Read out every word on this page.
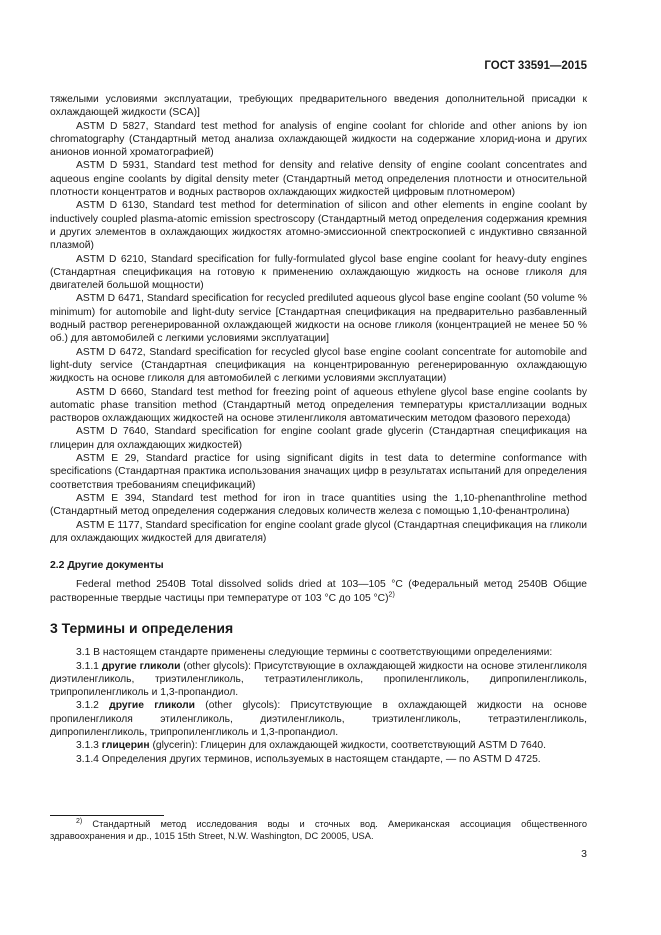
ГОСТ 33591—2015

тяжелыми условиями эксплуатации, требующих предварительного введения дополнительной присадки к охлаждающей жидкости (SCA)]

ASTM D 5827, Standard test method for analysis of engine coolant for chloride and other anions by ion chromatography (Стандартный метод анализа охлаждающей жидкости на содержание хлорид-иона и других анионов ионной хроматографией)

ASTM D 5931, Standard test method for density and relative density of engine coolant concentrates and aqueous engine coolants by digital density meter (Стандартный метод определения плотности и относительной плотности концентратов и водных растворов охлаждающих жидкостей цифровым плотномером)

ASTM D 6130, Standard test method for determination of silicon and other elements in engine coolant by inductively coupled plasma-atomic emission spectroscopy (Стандартный метод определения содержания кремния и других элементов в охлаждающих жидкостях атомно-эмиссионной спектроскопией с индуктивно связанной плазмой)

ASTM D 6210, Standard specification for fully-formulated glycol base engine coolant for heavy-duty engines (Стандартная спецификация на готовую к применению охлаждающую жидкость на основе гликоля для двигателей большой мощности)

ASTM D 6471, Standard specification for recycled prediluted aqueous glycol base engine coolant (50 volume % minimum) for automobile and light-duty service [Стандартная спецификация на предварительно разбавленный водный раствор регенерированной охлаждающей жидкости на основе гликоля (концентрацией не менее 50 % об.) для автомобилей с легкими условиями эксплуатации]

ASTM D 6472, Standard specification for recycled glycol base engine coolant concentrate for automobile and light-duty service (Стандартная спецификация на концентрированную регенерированную охлаждающую жидкость на основе гликоля для автомобилей с легкими условиями эксплуатации)

ASTM D 6660, Standard test method for freezing point of aqueous ethylene glycol base engine coolants by automatic phase transition method (Стандартный метод определения температуры кристаллизации водных растворов охлаждающих жидкостей на основе этиленгликоля автоматическим методом фазового перехода)

ASTM D 7640, Standard specification for engine coolant grade glycerin (Стандартная спецификация на глицерин для охлаждающих жидкостей)

ASTM E 29, Standard practice for using significant digits in test data to determine conformance with specifications (Стандартная практика использования значащих цифр в результатах испытаний для определения соответствия требованиям спецификаций)

ASTM E 394, Standard test method for iron in trace quantities using the 1,10-phenanthroline method (Стандартный метод определения содержания следовых количеств железа с помощью 1,10-фенантролина)

ASTM E 1177, Standard specification for engine coolant grade glycol (Стандартная спецификация на гликоли для охлаждающих жидкостей для двигателя)

2.2 Другие документы

Federal method 2540B Total dissolved solids dried at 103—105 °C (Федеральный метод 2540B Общие растворенные твердые частицы при температуре от 103 °C до 105 °C)$^{2)}$

3 Термины и определения

3.1 В настоящем стандарте применены следующие термины с соответствующими определениями:

3.1.1 другие гликоли (other glycols): Присутствующие в охлаждающей жидкости на основе этиленгликоля диэтиленгликоль, триэтиленгликоль, тетраэтиленгликоль, пропиленгликоль, дипропиленгликоль, трипропиленгликоль и 1,3-пропандиол.

3.1.2 другие гликоли (other glycols): Присутствующие в охлаждающей жидкости на основе пропиленгликоля этиленгликоль, диэтиленгликоль, триэтиленгликоль, тетраэтиленгликоль, дипропиленгликоль, трипропиленгликоль и 1,3-пропандиол.

3.1.3 глицерин (glycerin): Глицерин для охлаждающей жидкости, соответствующий ASTM D 7640.

3.1.4 Определения других терминов, используемых в настоящем стандарте, — по ASTM D 4725.

$^{2)}$ Стандартный метод исследования воды и сточных вод. Американская ассоциация общественного здравоохранения и др., 1015 15th Street, N.W. Washington, DC 20005, USA.

3
